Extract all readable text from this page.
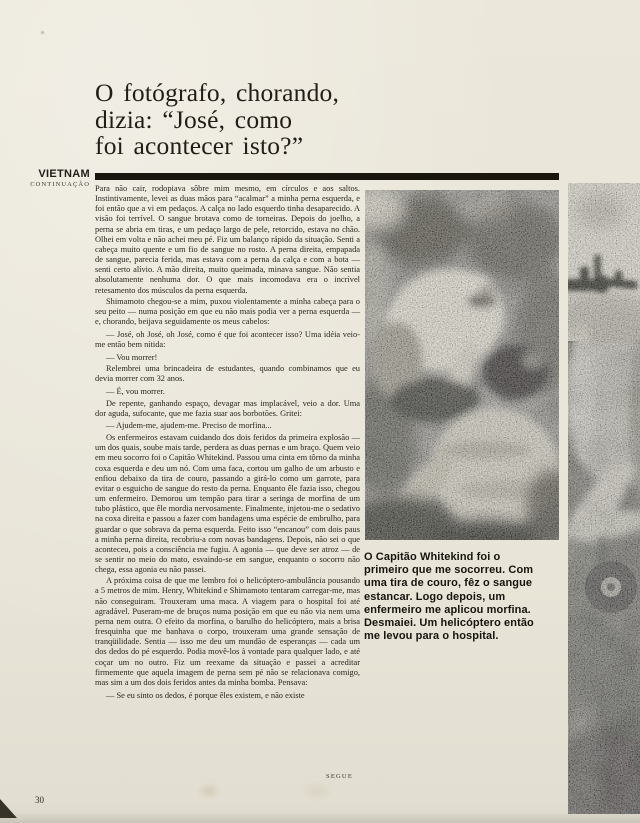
O fotógrafo, chorando,
dizia: “José, como
foi acontecer isto?”
VIETNAM
CONTINUAÇÃO Para não cair, rodopiava sôbre mim mesmo, em círculos e aos saltos. Instintivamente, levei as duas mãos para “acalmar” a minha perna esquerda, e foi então que a vi em pedaços. A calça no lado esquerdo tinha desaparecido. A visão foi terrível. O sangue brotava como de torneiras. Depois do joelho, a perna se abria em tiras, e um pedaço largo de pele, retorcido, estava no chão. Olhei em volta e não achei meu pé. Fiz um balanço rápido da situação. Senti a cabeça muito quente e um fio de sangue no rosto. A perna direita, empapada de sangue, parecia ferida, mas estava com a perna da calça e com a bota — senti certo alívio. A mão direita, muito queimada, minava sangue. Não sentia absolutamente nenhuma dor. O que mais incomodava era o incrível retesamento dos músculos da perna esquerda.

Shimamoto chegou-se a mim, puxou violentamente a minha cabeça para o seu peito — numa posição em que eu não mais podia ver a perna esquerda — e, chorando, beijava seguidamente os meus cabelos:

— José, oh José, oh José, como é que foi acontecer isso? Uma idéia veio-me então bem nítida:

— Vou morrer!

Relembrei uma brincadeira de estudantes, quando combinamos que eu devia morrer com 32 anos.

— É, vou morrer.

De repente, ganhando espaço, devagar mas implacável, veio a dor. Uma dor aguda, sufocante, que me fazia suar aos borbotões. Gritei:

— Ajudem-me, ajudem-me. Preciso de morfina...

Os enfermeiros estavam cuidando dos dois feridos da primeira explosão — um dos quais, soube mais tarde, perdera as duas pernas e um braço. Quem veio em meu socorro foi o Capitão Whitekind. Passou uma cinta em tôrno da minha coxa esquerda e deu um nó. Com uma faca, cortou um galho de um arbusto e enfiou debaixo da tira de couro, passando a girá-lo como um garrote, para evitar o esguicho de sangue do resto da perna. Enquanto êle fazia isso, chegou um enfermeiro. Demorou um tempão para tirar a seringa de morfina de um tubo plástico, que êle mordia nervosamente. Finalmente, injetou-me o sedativo na coxa direita e passou a fazer com bandagens uma espécie de embrulho, para guardar o que sobrava da perna esquerda. Feito isso “encanou” com dois paus a minha perna direita, recobriu-a com novas bandagens. Depois, não sei o que aconteceu, pois a consciência me fugiu. A agonia — que deve ser atroz — de se sentir no meio do mato, esvaindo-se em sangue, enquanto o socorro não chega, essa agonia eu não passei.

A próxima coisa de que me lembro foi o helicóptero-ambulância pousando a 5 metros de mim. Henry, Whitekind e Shimamoto tentaram carregar-me, mas não conseguiram. Trouxeram uma maca. A viagem para o hospital foi até agradável. Puseram-me de bruços numa posição em que eu não via nem uma perna nem outra. O efeito da morfina, o barulho do helicóptero, mais a brisa fresquinha que me banhava o corpo, trouxeram uma grande sensação de tranqüilidade. Sentia — isso me deu um mundão de esperanças — cada um dos dedos do pé esquerdo. Podia movê-los à vontade para qualquer lado, e até coçar um no outro. Fiz um reexame da situação e passei a acreditar firmemente que aquela imagem de perna sem pé não se relacionava comigo, mas sim a um dos dois feridos antes da minha bomba. Pensava:

— Se eu sinto os dedos, é porque êles existem, e não existe

SEGUE
O Capitão Whitekind foi o primeiro que me socorreu. Com uma tira de couro, fêz o sangue estancar. Logo depois, um enfermeiro me aplicou morfina. Desmaiei. Um helicóptero então me levou para o hospital.
30
